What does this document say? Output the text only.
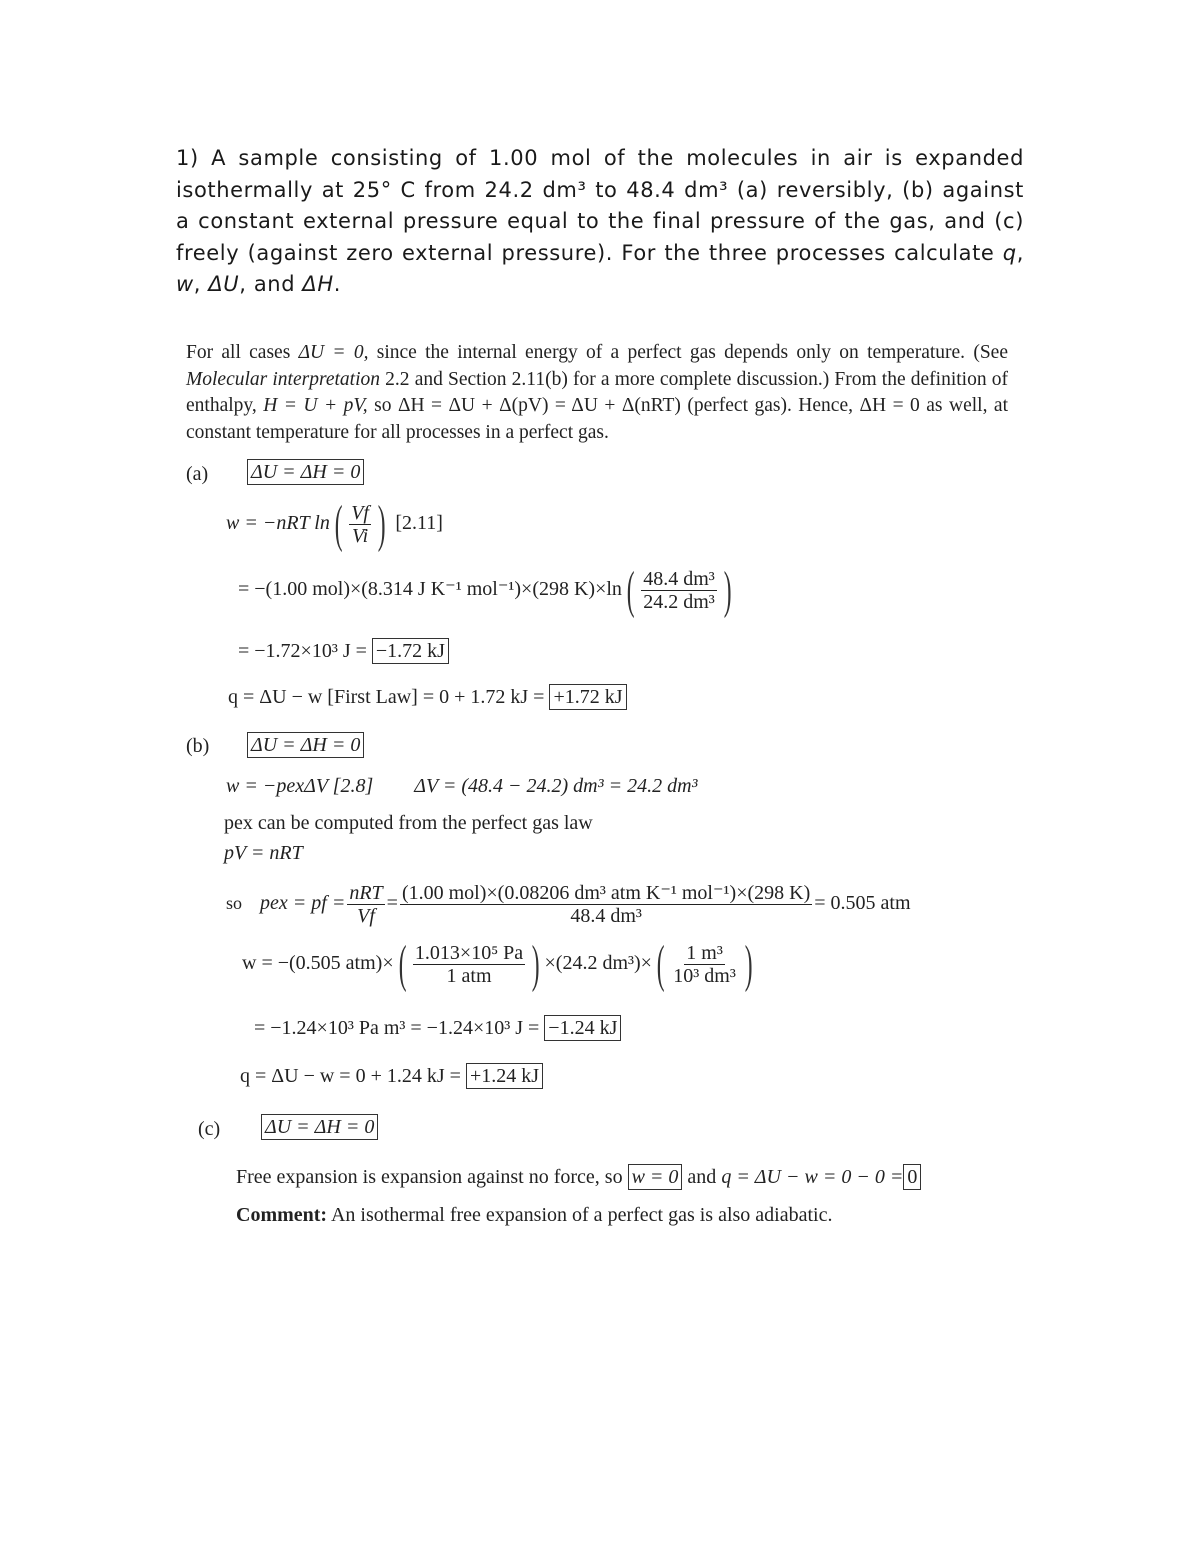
1) A sample consisting of 1.00 mol of the molecules in air is expanded isothermally at 25° C from 24.2 dm³ to 48.4 dm³ (a) reversibly, (b) against a constant external pressure equal to the final pressure of the gas, and (c) freely (against zero external pressure). For the three processes calculate q, w, ΔU, and ΔH.
For all cases ΔU = 0, since the internal energy of a perfect gas depends only on temperature. (See Molecular interpretation 2.2 and Section 2.11(b) for a more complete discussion.) From the definition of enthalpy, H = U + pV, so ΔH = ΔU + Δ(pV) = ΔU + Δ(nRT) (perfect gas). Hence, ΔH = 0 as well, at constant temperature for all processes in a perfect gas.
(a) ΔU = ΔH = 0
w = −nRT $\ln( \frac{Vf}{Vi}$ ) [2.11]
= −(1.00 mol)×(8.314 J K⁻¹ mol⁻¹)×(298 $K)\times\ln( \frac{\text{48.4 dm³}}{\text{24.2 dm³}}$ )
= −1.72×10³ J = −1.72 kJ
q = ΔU − w [First Law] = 0 + 1.72 kJ = +1.72 kJ
(b) ΔU = ΔH = 0
w = −pexΔV [2.8] ΔV = (48.4 − 24.2) dm³ = 24.2 dm³
pex can be computed from the perfect gas law
pV = nRT
so pex = pf = $\frac{\text{nRT}}{Vf} = \frac{\text{(1.00 mol)×(0.08206 dm³ atm K⁻¹ mol⁻¹)×(298 K)}}{\text{48.4 dm³}} = 0.505$ atm
w = −(0.505 $atm)\times( \frac{\text{1.013×10⁵ Pa}}{\text{1 atm}}$ ) ×(24.2 $dm^3)\times( \frac{\text{1 m³}}{\text{10³ dm³}}$ )
= −1.24×10³ Pa m³ = −1.24×10³ J = −1.24 kJ
q = ΔU − w = 0 + 1.24 kJ = +1.24 kJ
(c) ΔU = ΔH = 0
Free expansion is expansion against no force, so w = 0 and q = ΔU − w = 0 − 0 = 0
Comment: An isothermal free expansion of a perfect gas is also adiabatic.
